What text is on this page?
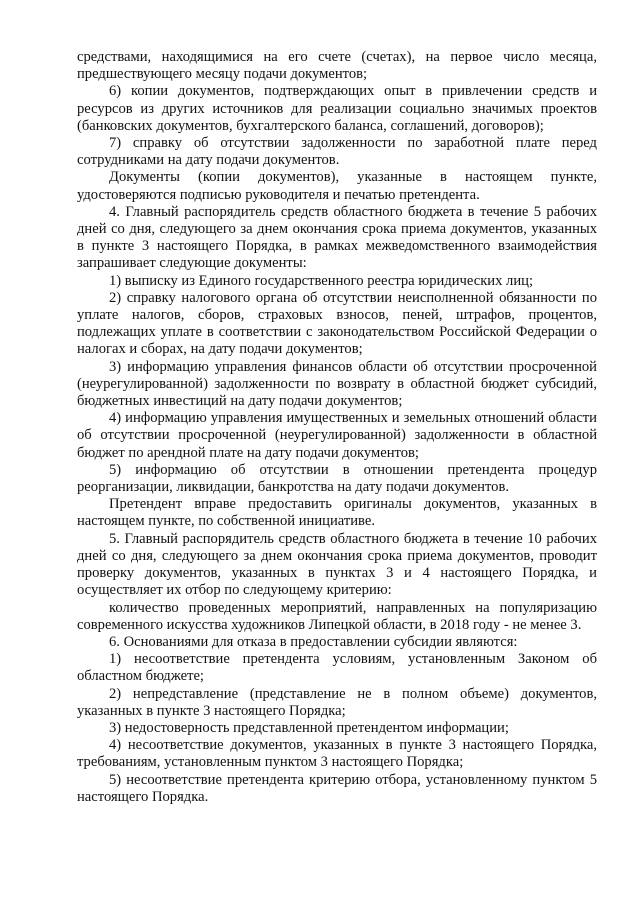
средствами, находящимися на его счете (счетах), на первое число месяца, предшествующего месяцу подачи документов;

6) копии документов, подтверждающих опыт в привлечении средств и ресурсов из других источников для реализации социально значимых проектов (банковских документов, бухгалтерского баланса, соглашений, договоров);

7) справку об отсутствии задолженности по заработной плате перед сотрудниками на дату подачи документов.

Документы (копии документов), указанные в настоящем пункте, удостоверяются подписью руководителя и печатью претендента.

4. Главный распорядитель средств областного бюджета в течение 5 рабочих дней со дня, следующего за днем окончания срока приема документов, указанных в пункте 3 настоящего Порядка, в рамках межведомственного взаимодействия запрашивает следующие документы:

1) выписку из Единого государственного реестра юридических лиц;

2) справку налогового органа об отсутствии неисполненной обязанности по уплате налогов, сборов, страховых взносов, пеней, штрафов, процентов, подлежащих уплате в соответствии с законодательством Российской Федерации о налогах и сборах, на дату подачи документов;

3) информацию управления финансов области об отсутствии просроченной (неурегулированной) задолженности по возврату в областной бюджет субсидий, бюджетных инвестиций на дату подачи документов;

4) информацию управления имущественных и земельных отношений области об отсутствии просроченной (неурегулированной) задолженности в областной бюджет по арендной плате на дату подачи документов;

5) информацию об отсутствии в отношении претендента процедур реорганизации, ликвидации, банкротства на дату подачи документов.

Претендент вправе предоставить оригиналы документов, указанных в настоящем пункте, по собственной инициативе.

5. Главный распорядитель средств областного бюджета в течение 10 рабочих дней со дня, следующего за днем окончания срока приема документов, проводит проверку документов, указанных в пунктах 3 и 4 настоящего Порядка, и осуществляет их отбор по следующему критерию:

количество проведенных мероприятий, направленных на популяризацию современного искусства художников Липецкой области, в 2018 году - не менее 3.

6. Основаниями для отказа в предоставлении субсидии являются:

1) несоответствие претендента условиям, установленным Законом об областном бюджете;

2) непредставление (представление не в полном объеме) документов, указанных в пункте 3 настоящего Порядка;

3) недостоверность представленной претендентом информации;

4) несоответствие документов, указанных в пункте 3 настоящего Порядка, требованиям, установленным пунктом 3 настоящего Порядка;

5) несоответствие претендента критерию отбора, установленному пунктом 5 настоящего Порядка.
